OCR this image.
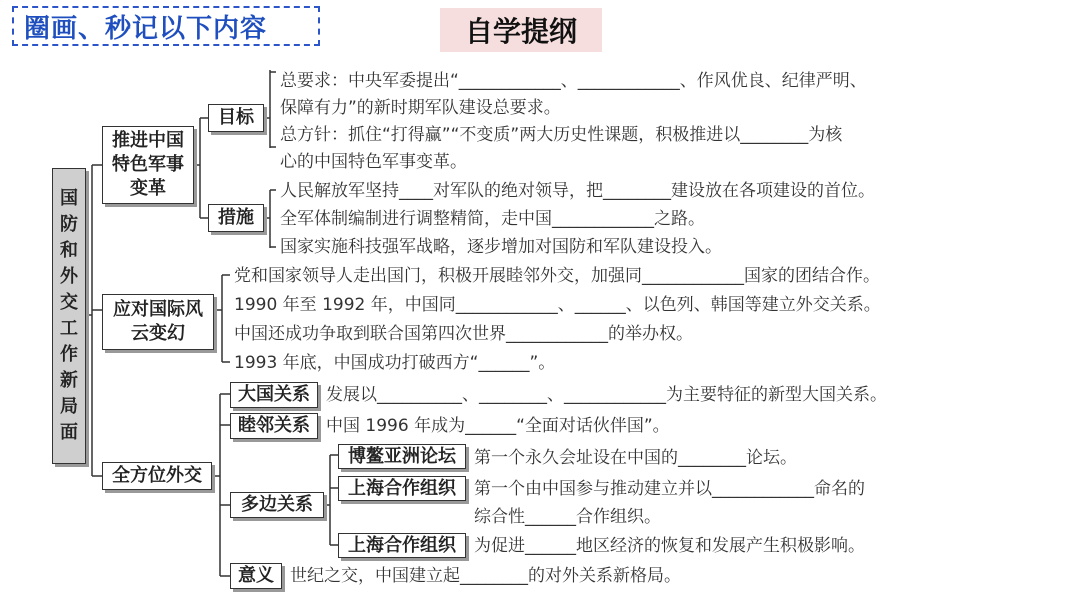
圈画、秒记以下内容	自学提纲
国
防
和
外
交
工
作
新
局
面
推进中国
特色军事
变革
应对国际风
云变幻
全方位外交
目标
措施
大国关系
睦邻关系
多边关系
意义
博鳌亚洲论坛
上海合作组织
上海合作组织
总要求：中央军委提出“____________、____________、作风优良、纪律严明、
保障有力”的新时期军队建设总要求。
总方针：抓住“打得赢”“不变质”两大历史性课题，积极推进以________为核
心的中国特色军事变革。
人民解放军坚持____对军队的绝对领导，把________建设放在各项建设的首位。
全军体制编制进行调整精简，走中国____________之路。
国家实施科技强军战略，逐步增加对国防和军队建设投入。
党和国家领导人走出国门，积极开展睦邻外交，加强同____________国家的团结合作。
1990 年至 1992 年，中国同____________、______、以色列、韩国等建立外交关系。
中国还成功争取到联合国第四次世界____________的举办权。
1993 年底，中国成功打破西方“______”。
发展以__________、________、____________为主要特征的新型大国关系。
中国 1996 年成为______“全面对话伙伴国”。
第一个永久会址设在中国的________论坛。
第一个由中国参与推动建立并以____________命名的
综合性______合作组织。
为促进______地区经济的恢复和发展产生积极影响。
世纪之交，中国建立起________的对外关系新格局。
